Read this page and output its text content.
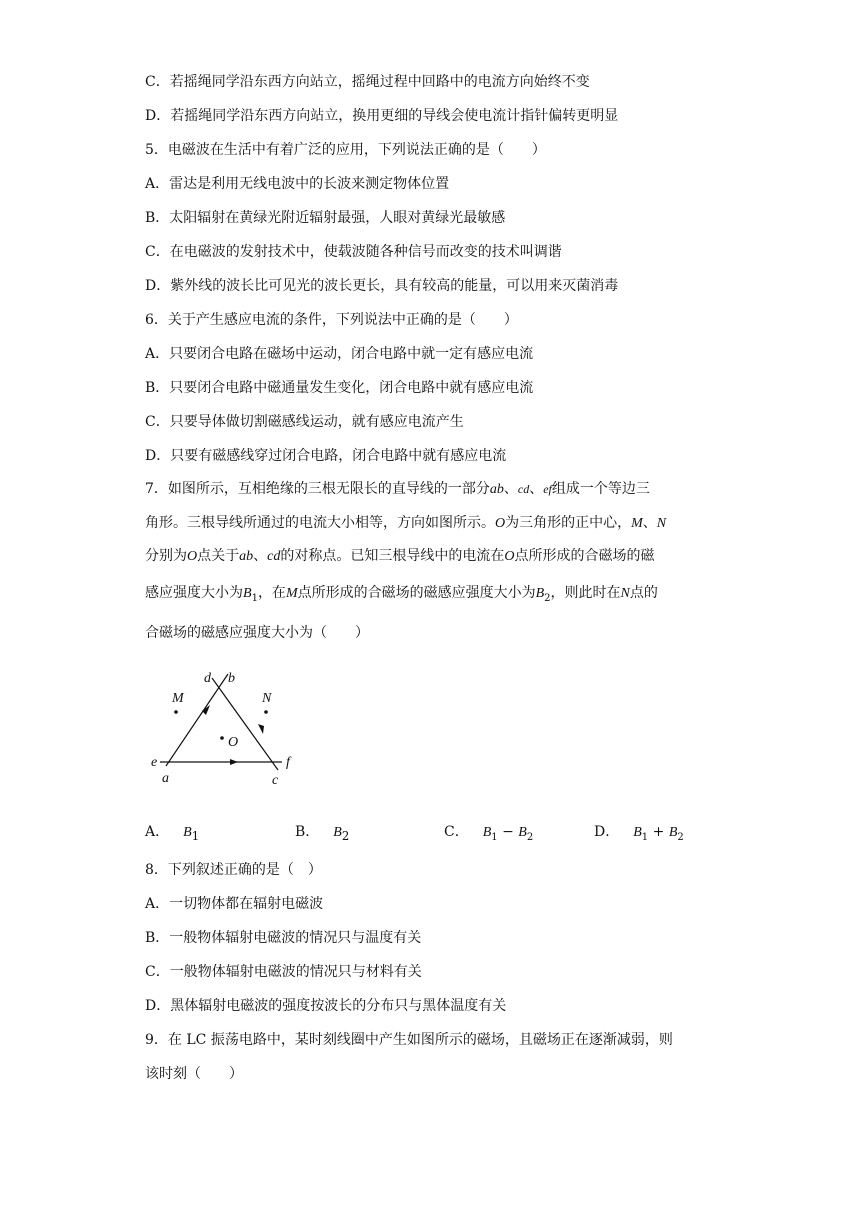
C．若摇绳同学沿东西方向站立，摇绳过程中回路中的电流方向始终不变
D．若摇绳同学沿东西方向站立，换用更细的导线会使电流计指针偏转更明显
5．电磁波在生活中有着广泛的应用，下列说法正确的是（　　）
A．雷达是利用无线电波中的长波来测定物体位置
B．太阳辐射在黄绿光附近辐射最强，人眼对黄绿光最敏感
C．在电磁波的发射技术中，使载波随各种信号而改变的技术叫调谐
D．紫外线的波长比可见光的波长更长，具有较高的能量，可以用来灭菌消毒
6．关于产生感应电流的条件，下列说法中正确的是（　　）
A．只要闭合电路在磁场中运动，闭合电路中就一定有感应电流
B．只要闭合电路中磁通量发生变化，闭合电路中就有感应电流
C．只要导体做切割磁感线运动，就有感应电流产生
D．只要有磁感线穿过闭合电路，闭合电路中就有感应电流
7．如图所示，互相绝缘的三根无限长的直导线的一部分ab、cd、ef组成一个等边三
角形。三根导线所通过的电流大小相等，方向如图所示。O为三角形的正中心，M、N
分别为O点关于ab、cd的对称点。已知三根导线中的电流在O点所形成的合磁场的磁
感应强度大小为$B_1$，在M点所形成的合磁场的磁感应强度大小为$B_2$，则此时在N点的
合磁场的磁感应强度大小为（　　）
d b
M	N
O
e
a	c
f
A． $B_1$	B． $B_2$	C． $B_1 - B_2$	D． $B_1 + B_2$
8．下列叙述正确的是（　）
A．一切物体都在辐射电磁波
B．一般物体辐射电磁波的情况只与温度有关
C．一般物体辐射电磁波的情况只与材料有关
D．黑体辐射电磁波的强度按波长的分布只与黑体温度有关
9．在 LC 振荡电路中，某时刻线圈中产生如图所示的磁场，且磁场正在逐渐减弱，则
该时刻（　　）
